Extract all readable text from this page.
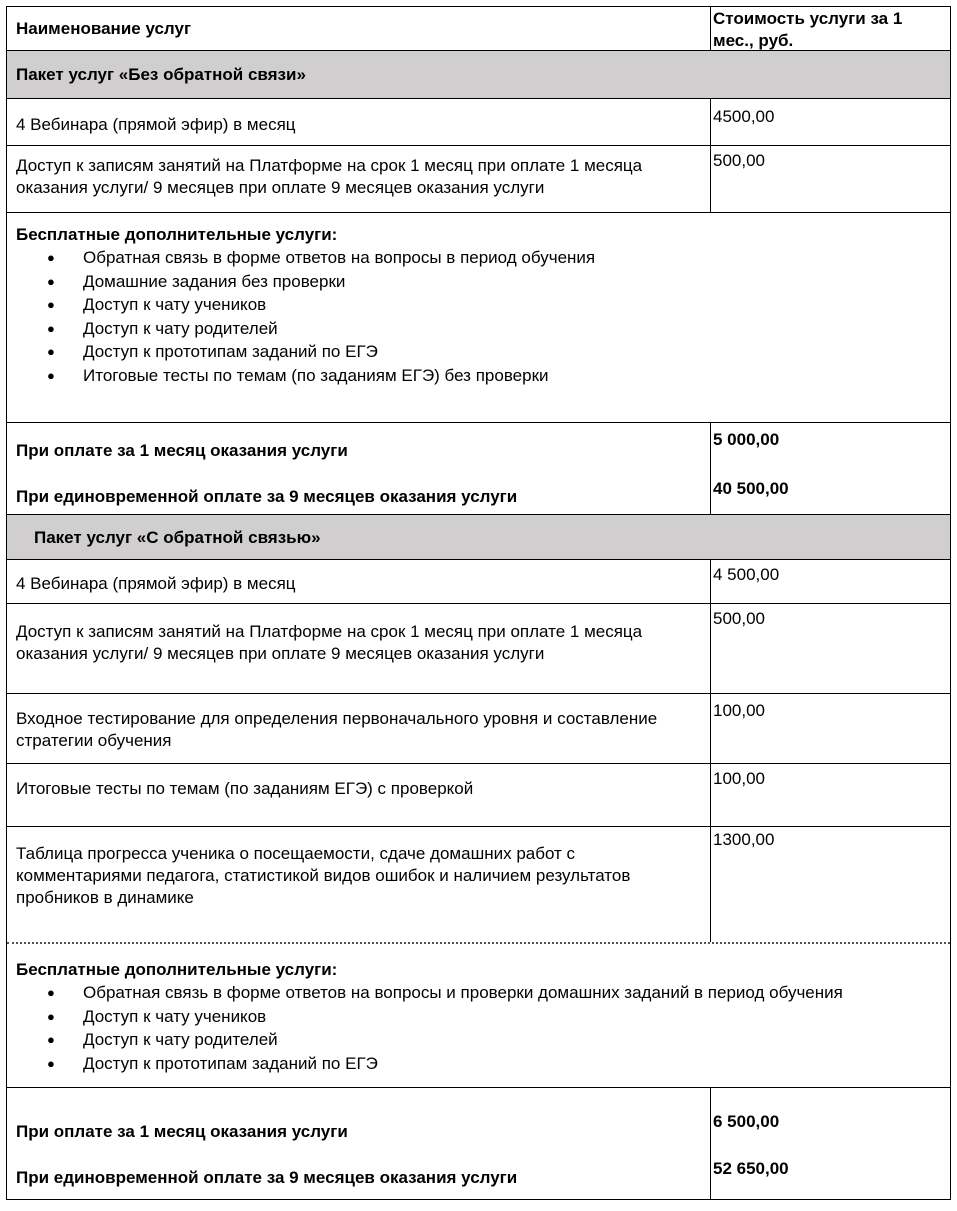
Наименование услуг
Стоимость услуги за 1 мес., руб.
Пакет услуг «Без обратной связи»
4 Вебинара (прямой эфир) в месяц	4500,00
Доступ к записям занятий на Платформе на срок 1 месяц при оплате 1 месяца оказания услуги/ 9 месяцев при оплате 9 месяцев оказания услуги
500,00
Бесплатные дополнительные услуги:
● Обратная связь в форме ответов на вопросы в период обучения
● Домашние задания без проверки
● Доступ к чату учеников
● Доступ к чату родителей
● Доступ к прототипам заданий по ЕГЭ
● Итоговые тесты по темам (по заданиям ЕГЭ) без проверки
При оплате за 1 месяц оказания услуги
При единовременной оплате за 9 месяцев оказания услуги
5 000,00
40 500,00
Пакет услуг «С обратной связью»
4 Вебинара (прямой эфир) в месяц	4 500,00
Доступ к записям занятий на Платформе на срок 1 месяц при оплате 1 месяца оказания услуги/ 9 месяцев при оплате 9 месяцев оказания услуги
500,00
Входное тестирование для определения первоначального уровня и составление стратегии обучения
100,00
Итоговые тесты по темам (по заданиям ЕГЭ) с проверкой
100,00
Таблица прогресса ученика о посещаемости, сдаче домашних работ с комментариями педагога, статистикой видов ошибок и наличием результатов пробников в динамике
1300,00
Бесплатные дополнительные услуги:
● Обратная связь в форме ответов на вопросы и проверки домашних заданий в период обучения
● Доступ к чату учеников
● Доступ к чату родителей
● Доступ к прототипам заданий по ЕГЭ
При оплате за 1 месяц оказания услуги
При единовременной оплате за 9 месяцев оказания услуги
6 500,00
52 650,00
